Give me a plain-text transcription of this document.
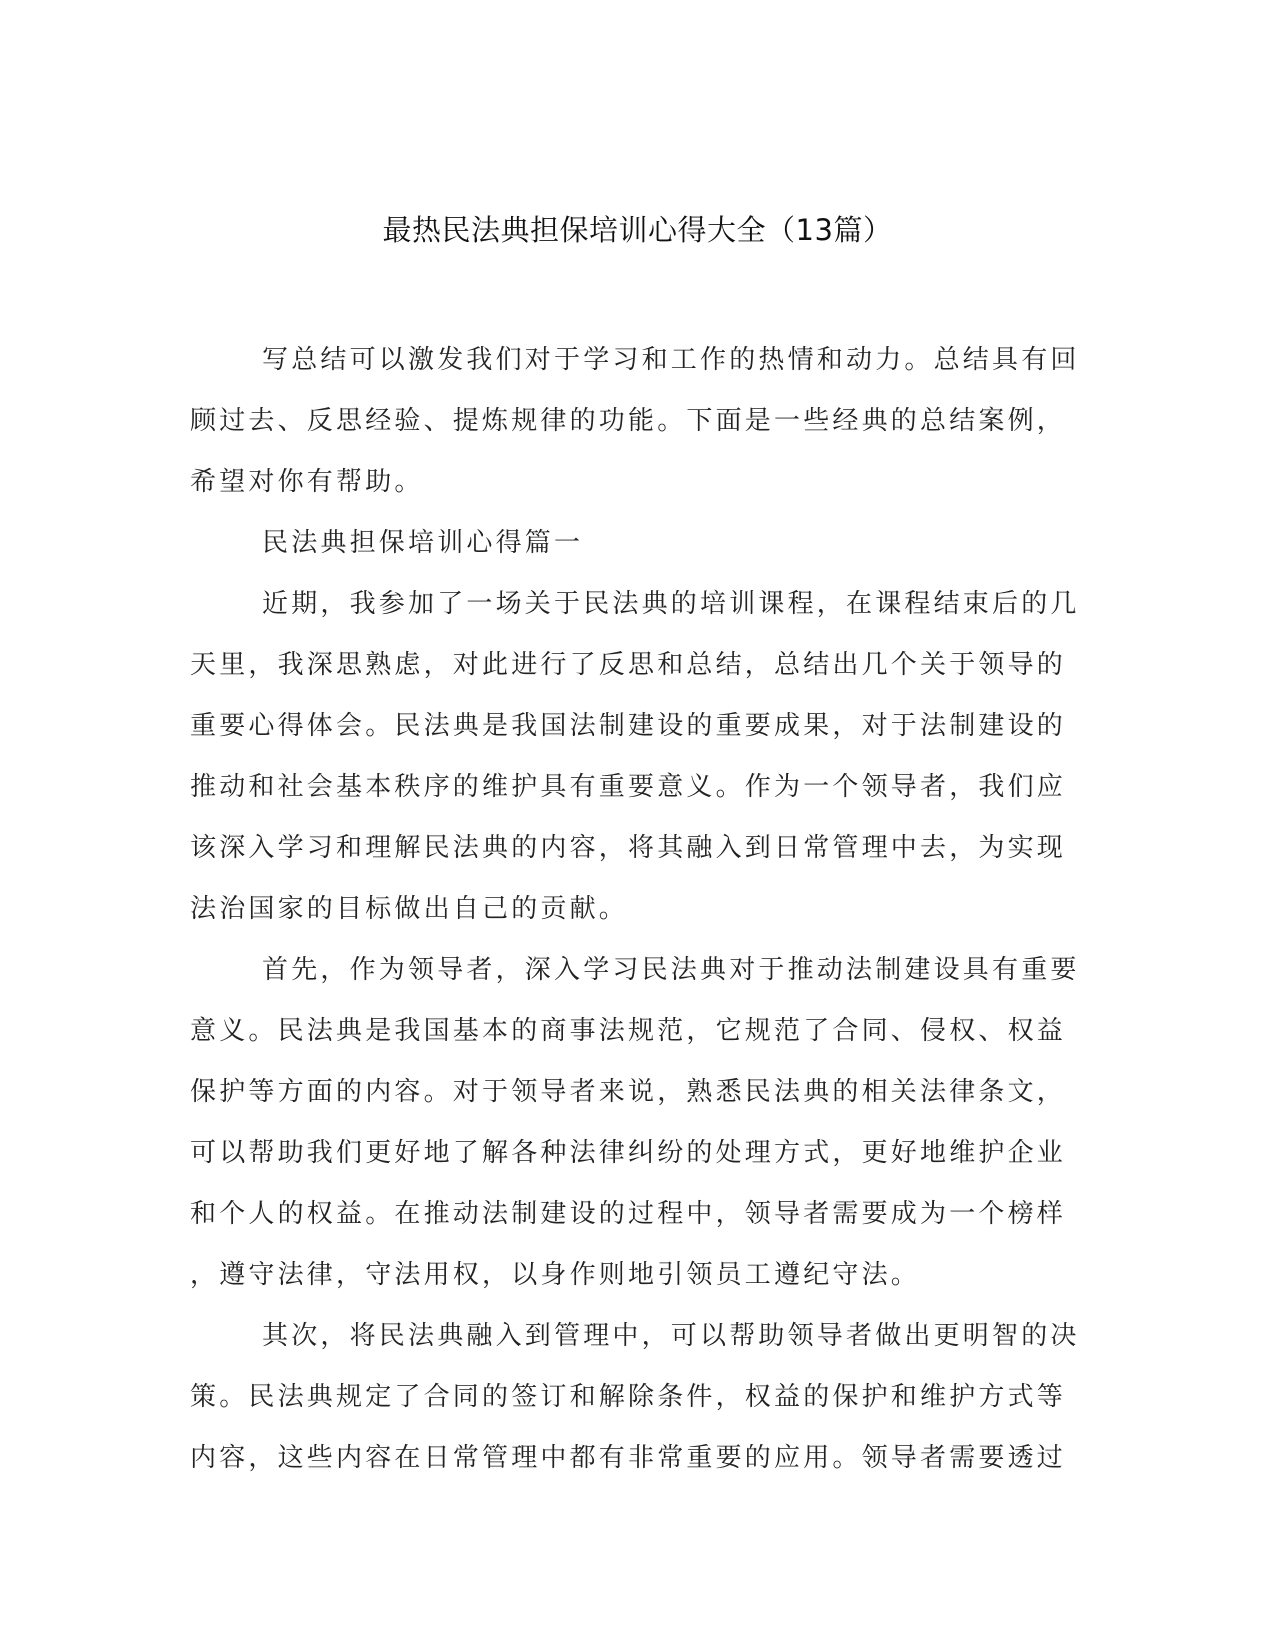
最热民法典担保培训心得大全（13篇）

写总结可以激发我们对于学习和工作的热情和动力。总结具有回

顾过去、反思经验、提炼规律的功能。下面是一些经典的总结案例，

希望对你有帮助。

民法典担保培训心得篇一

近期，我参加了一场关于民法典的培训课程，在课程结束后的几

天里，我深思熟虑，对此进行了反思和总结，总结出几个关于领导的

重要心得体会。民法典是我国法制建设的重要成果，对于法制建设的

推动和社会基本秩序的维护具有重要意义。作为一个领导者，我们应

该深入学习和理解民法典的内容，将其融入到日常管理中去，为实现

法治国家的目标做出自己的贡献。

首先，作为领导者，深入学习民法典对于推动法制建设具有重要

意义。民法典是我国基本的商事法规范，它规范了合同、侵权、权益

保护等方面的内容。对于领导者来说，熟悉民法典的相关法律条文，

可以帮助我们更好地了解各种法律纠纷的处理方式，更好地维护企业

和个人的权益。在推动法制建设的过程中，领导者需要成为一个榜样

，遵守法律，守法用权，以身作则地引领员工遵纪守法。

其次，将民法典融入到管理中，可以帮助领导者做出更明智的决

策。民法典规定了合同的签订和解除条件，权益的保护和维护方式等

内容，这些内容在日常管理中都有非常重要的应用。领导者需要透过
